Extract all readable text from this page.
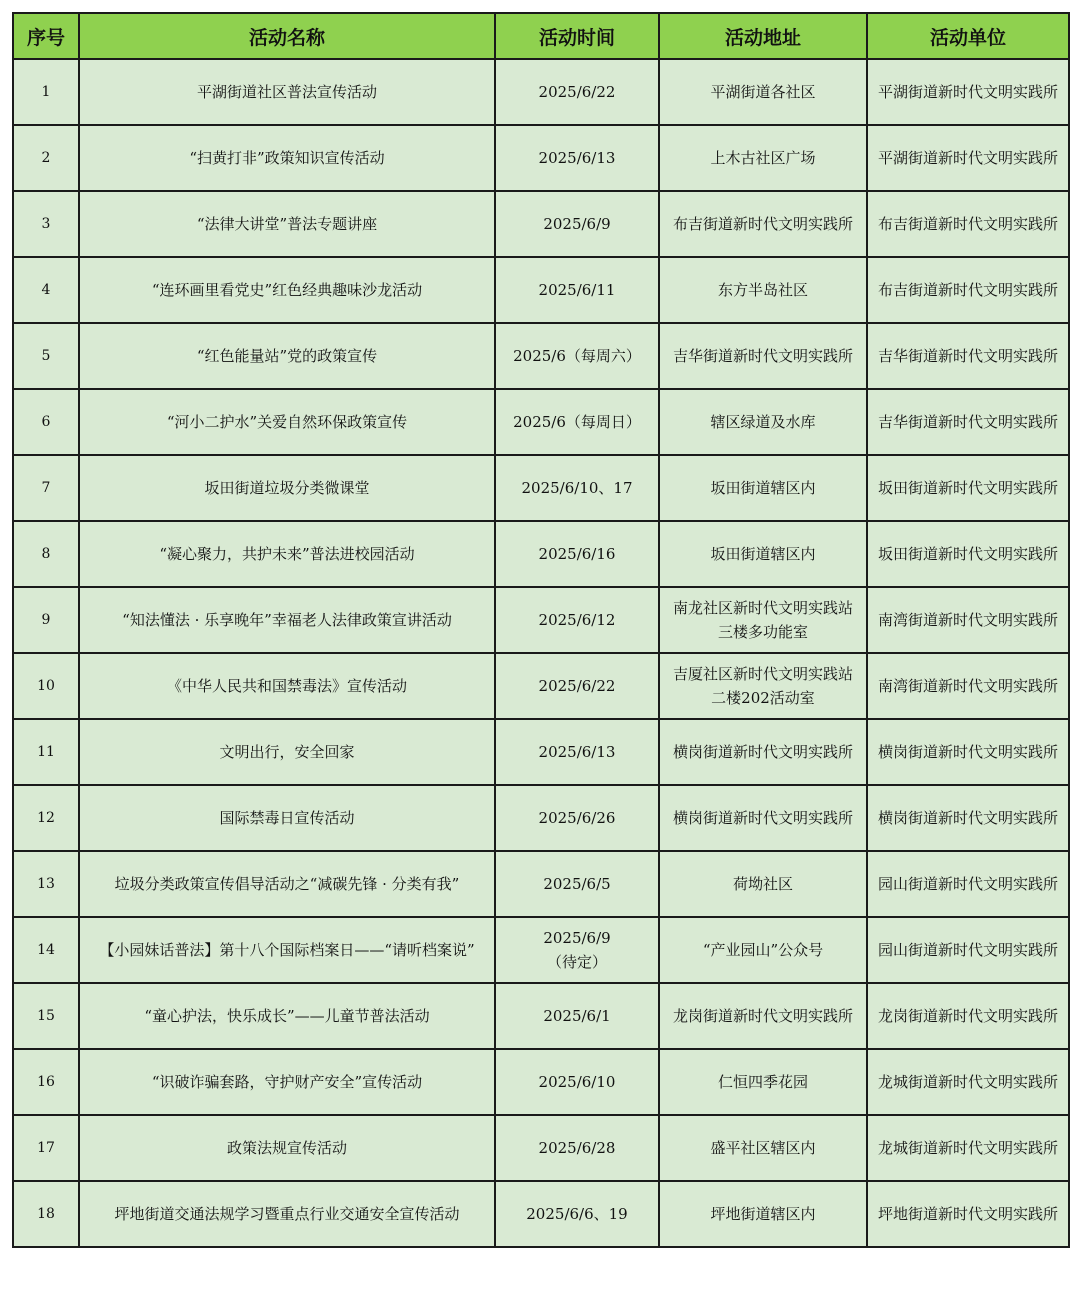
序号	活动名称	活动时间	活动地址	活动单位
1	平湖街道社区普法宣传活动	2025/6/22	平湖街道各社区	平湖街道新时代文明实践所
2	“扫黄打非”政策知识宣传活动	2025/6/13	上木古社区广场	平湖街道新时代文明实践所
3	“法律大讲堂”普法专题讲座	2025/6/9	布吉街道新时代文明实践所	布吉街道新时代文明实践所
4	“连环画里看党史”红色经典趣味沙龙活动	2025/6/11	东方半岛社区	布吉街道新时代文明实践所
5	“红色能量站”党的政策宣传	2025/6（每周六）	吉华街道新时代文明实践所	吉华街道新时代文明实践所
6	“河小二护水”关爱自然环保政策宣传	2025/6（每周日）	辖区绿道及水库	吉华街道新时代文明实践所
7	坂田街道垃圾分类微课堂	2025/6/10、17	坂田街道辖区内	坂田街道新时代文明实践所
8	“凝心聚力，共护未来”普法进校园活动	2025/6/16	坂田街道辖区内	坂田街道新时代文明实践所
9	“知法懂法 · 乐享晚年”幸福老人法律政策宣讲活动	2025/6/12	南龙社区新时代文明实践站
三楼多功能室	南湾街道新时代文明实践所
10	《中华人民共和国禁毒法》宣传活动	2025/6/22	吉厦社区新时代文明实践站
二楼202活动室	南湾街道新时代文明实践所
11	文明出行，安全回家	2025/6/13	横岗街道新时代文明实践所	横岗街道新时代文明实践所
12	国际禁毒日宣传活动	2025/6/26	横岗街道新时代文明实践所	横岗街道新时代文明实践所
13	垃圾分类政策宣传倡导活动之“减碳先锋 · 分类有我”	2025/6/5	荷坳社区	园山街道新时代文明实践所
14	【小园妹话普法】第十八个国际档案日——“请听档案说”	2025/6/9
（待定）	“产业园山”公众号	园山街道新时代文明实践所
15	“童心护法，快乐成长”——儿童节普法活动	2025/6/1	龙岗街道新时代文明实践所	龙岗街道新时代文明实践所
16	“识破诈骗套路，守护财产安全”宣传活动	2025/6/10	仁恒四季花园	龙城街道新时代文明实践所
17	政策法规宣传活动	2025/6/28	盛平社区辖区内	龙城街道新时代文明实践所
18	坪地街道交通法规学习暨重点行业交通安全宣传活动	2025/6/6、19	坪地街道辖区内	坪地街道新时代文明实践所
